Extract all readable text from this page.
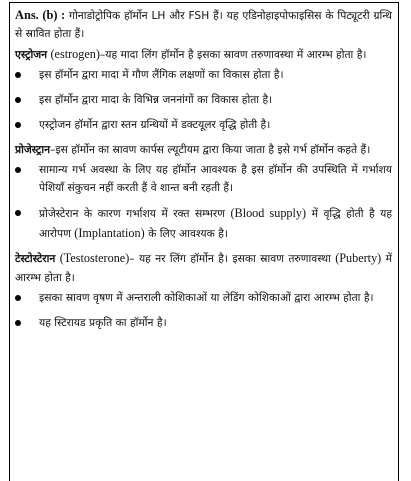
Ans. (b) : गोनाडोट्रोपिक हॉर्मोन LH और FSH हैं। यह एडिनोहाइपोफाइसिस के पिट्यूटरी ग्रन्थि से स्रावित होता हैं।

एस्ट्रोजन (estrogen)–यह मादा लिंग हॉर्मोन है इसका स्रावण तरुणावस्था में आरम्भ होता है।

इस हॉर्मोन द्वारा मादा में गौण लैंगिक लक्षणों का विकास होता है।
इस हॉर्मोन द्वारा मादा के विभिन्न जननांगों का विकास होता है।
एस्ट्रोजन हॉर्मोन द्वारा स्तन ग्रन्थियों में डक्टयूलर वृद्धि होती है।

प्रोजेस्ट्रान–इस हॉर्मोन का स्रावण कार्पस ल्यूटीयम द्वारा किया जाता है इसे गर्भ हॉर्मोन कहते हैं।

सामान्य गर्भ अवस्था के लिए यह हॉर्मोन आवश्यक है इस हॉर्मोन की उपस्थिति में गर्भाशय पेशियाँ संकुचन नहीं करती हैं वे शान्त बनी रहती हैं।
प्रोजेस्टेरान के कारण गर्भाशय में रक्त सम्भरण (Blood supply) में वृद्धि होती है यह आरोपण (Implantation) के लिए आवश्यक है।

टेस्टोस्टेरान (Testosterone)– यह नर लिंग हॉर्मोन है। इसका स्रावण तरुणावस्था (Puberty) में आरम्भ होता है।

इसका स्रावण वृषण में अन्तराली कोशिकाओं या लेडिंग कोशिकाओं द्वारा आरम्भ होता है।
यह स्टिरायड प्रकृति का हॉर्मोन है।
